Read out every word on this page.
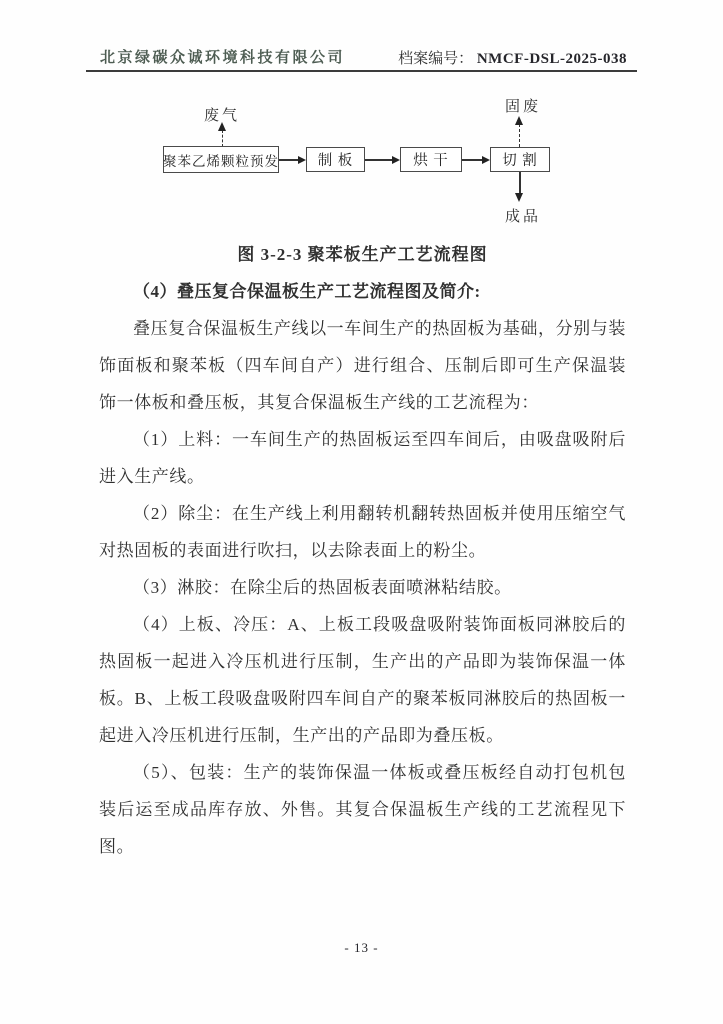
北京绿碳众诚环境科技有限公司	档案编号： NMCF-DSL-2025-038
废气
聚苯乙烯颗粒预发	制 板	烘 干	切 割
固废
成品
图 3-2-3 聚苯板生产工艺流程图
（4）叠压复合保温板生产工艺流程图及简介:

叠压复合保温板生产线以一车间生产的热固板为基础，分别与装饰面板和聚苯板（四车间自产）进行组合、压制后即可生产保温装饰一体板和叠压板，其复合保温板生产线的工艺流程为：

（1）上料：一车间生产的热固板运至四车间后，由吸盘吸附后进入生产线。

（2）除尘：在生产线上利用翻转机翻转热固板并使用压缩空气对热固板的表面进行吹扫，以去除表面上的粉尘。

（3）淋胶：在除尘后的热固板表面喷淋粘结胶。

（4）上板、冷压：A、上板工段吸盘吸附装饰面板同淋胶后的热固板一起进入冷压机进行压制，生产出的产品即为装饰保温一体板。B、上板工段吸盘吸附四车间自产的聚苯板同淋胶后的热固板一起进入冷压机进行压制，生产出的产品即为叠压板。

（5）、包装：生产的装饰保温一体板或叠压板经自动打包机包装后运至成品库存放、外售。其复合保温板生产线的工艺流程见下图。

- 13 -
